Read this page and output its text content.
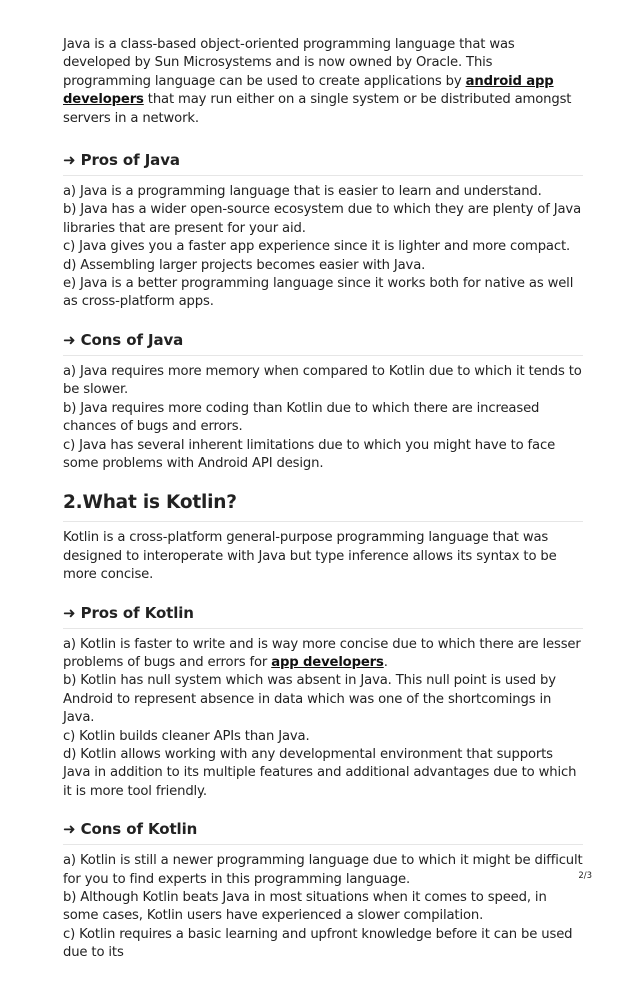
Java is a class-based object-oriented programming language that was developed by Sun Microsystems and is now owned by Oracle. This programming language can be used to create applications by android app developers that may run either on a single system or be distributed amongst servers in a network.

➜ Pros of Java

a) Java is a programming language that is easier to learn and understand.

b) Java has a wider open-source ecosystem due to which they are plenty of Java libraries that are present for your aid.

c) Java gives you a faster app experience since it is lighter and more compact.

d) Assembling larger projects becomes easier with Java.

e) Java is a better programming language since it works both for native as well as cross-platform apps.

➜ Cons of Java

a) Java requires more memory when compared to Kotlin due to which it tends to be slower.

b) Java requires more coding than Kotlin due to which there are increased chances of bugs and errors.

c) Java has several inherent limitations due to which you might have to face some problems with Android API design.

2.What is Kotlin?

Kotlin is a cross-platform general-purpose programming language that was designed to interoperate with Java but type inference allows its syntax to be more concise.

➜ Pros of Kotlin

a) Kotlin is faster to write and is way more concise due to which there are lesser problems of bugs and errors for app developers.

b) Kotlin has null system which was absent in Java. This null point is used by Android to represent absence in data which was one of the shortcomings in Java.

c) Kotlin builds cleaner APIs than Java.

d) Kotlin allows working with any developmental environment that supports Java in addition to its multiple features and additional advantages due to which it is more tool friendly.

➜ Cons of Kotlin

a) Kotlin is still a newer programming language due to which it might be difficult for you to find experts in this programming language.

b) Although Kotlin beats Java in most situations when it comes to speed, in some cases, Kotlin users have experienced a slower compilation.

c) Kotlin requires a basic learning and upfront knowledge before it can be used due to its

2/3
